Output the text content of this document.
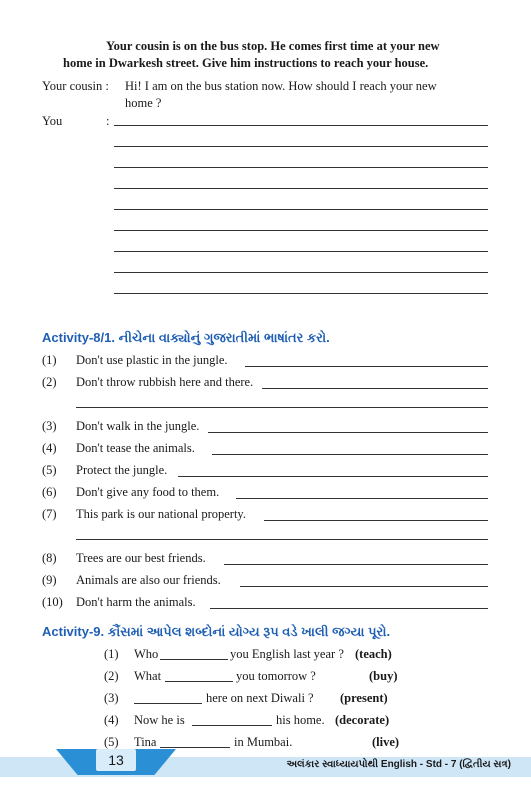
Your cousin is on the bus stop. He comes first time at your new
home in Dwarkesh street. Give him instructions to reach your house.
Your cousin : Hi! I am on the bus station now. How should I reach your new
home ?
You	:
Activity-8/1. નીચેના વાક્યોનું ગુજરાતીમાં ભાષાંતર કરો.
(1) Don't use plastic in the jungle.
(2) Don't throw rubbish here and there.
(3) Don't walk in the jungle.
(4) Don't tease the animals.
(5) Protect the jungle.
(6) Don't give any food to them.
(7) This park is our national property.
(8) Trees are our best friends.
(9) Animals are also our friends.
(10) Don't harm the animals.
Activity-9. કૌંસમાં આપેલ શબ્દોનાં યોગ્ય રૂપ વડે ખાલી જગ્યા પૂરો.
(1) Who	you English last year ? (teach)
(2) What	you tomorrow ?	(buy)
(3)	here on next Diwali ? (present)
(4) Now he is	his home. (decorate)
(5) Tina	in Mumbai.	(live)
13	અલંકાર સ્વાધ્યાયપોથી English - Std - 7 (દ્વિતીય સત્ર)
